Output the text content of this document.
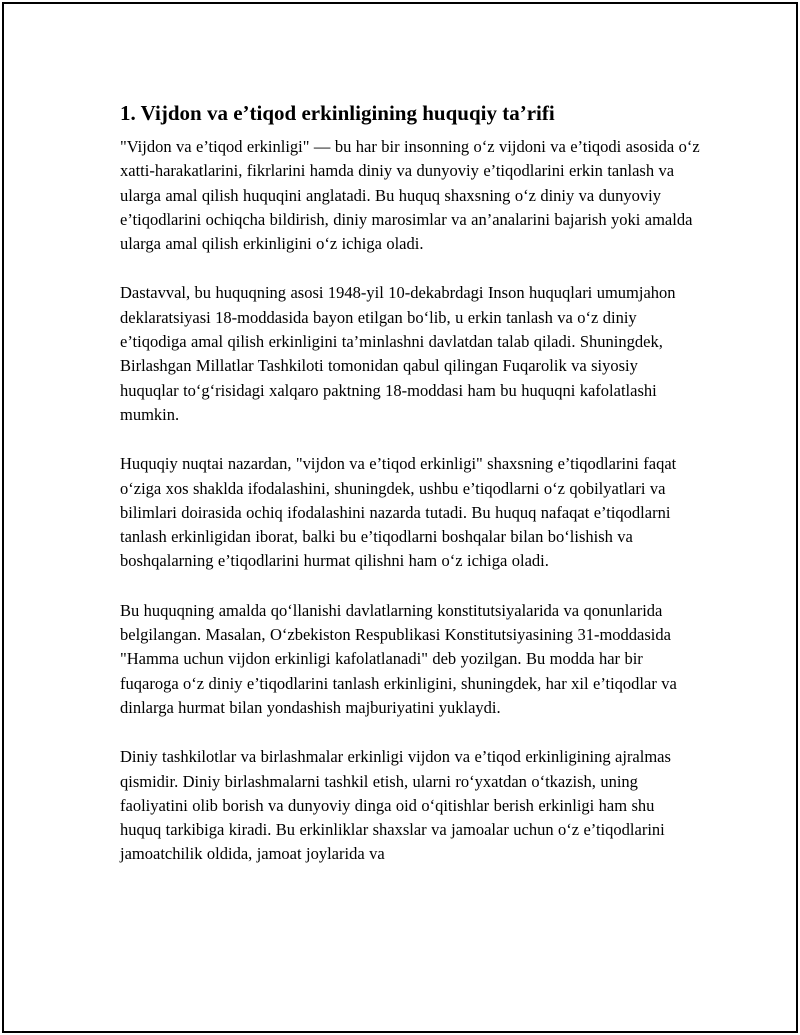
1. Vijdon va e’tiqod erkinligining huquqiy ta’rifi

"Vijdon va e’tiqod erkinligi" — bu har bir insonning o‘z vijdoni va e’tiqodi asosida o‘z xatti-harakatlarini, fikrlarini hamda diniy va dunyoviy e’tiqodlarini erkin tanlash va ularga amal qilish huquqini anglatadi. Bu huquq shaxsning o‘z diniy va dunyoviy e’tiqodlarini ochiqcha bildirish, diniy marosimlar va an’analarini bajarish yoki amalda ularga amal qilish erkinligini o‘z ichiga oladi.

Dastavval, bu huquqning asosi 1948-yil 10-dekabrdagi Inson huquqlari umumjahon deklaratsiyasi 18-moddasida bayon etilgan bo‘lib, u erkin tanlash va o‘z diniy e’tiqodiga amal qilish erkinligini ta’minlashni davlatdan talab qiladi. Shuningdek, Birlashgan Millatlar Tashkiloti tomonidan qabul qilingan Fuqarolik va siyosiy huquqlar to‘g‘risidagi xalqaro paktning 18-moddasi ham bu huquqni kafolatlashi mumkin.

Huquqiy nuqtai nazardan, "vijdon va e’tiqod erkinligi" shaxsning e’tiqodlarini faqat o‘ziga xos shaklda ifodalashini, shuningdek, ushbu e’tiqodlarni o‘z qobilyatlari va bilimlari doirasida ochiq ifodalashini nazarda tutadi. Bu huquq nafaqat e’tiqodlarni tanlash erkinligidan iborat, balki bu e’tiqodlarni boshqalar bilan bo‘lishish va boshqalarning e’tiqodlarini hurmat qilishni ham o‘z ichiga oladi.

Bu huquqning amalda qo‘llanishi davlatlarning konstitutsiyalarida va qonunlarida belgilangan. Masalan, O‘zbekiston Respublikasi Konstitutsiyasining 31-moddasida "Hamma uchun vijdon erkinligi kafolatlanadi" deb yozilgan. Bu modda har bir fuqaroga o‘z diniy e’tiqodlarini tanlash erkinligini, shuningdek, har xil e’tiqodlar va dinlarga hurmat bilan yondashish majburiyatini yuklaydi.

Diniy tashkilotlar va birlashmalar erkinligi vijdon va e’tiqod erkinligining ajralmas qismidir. Diniy birlashmalarni tashkil etish, ularni ro‘yxatdan o‘tkazish, uning faoliyatini olib borish va dunyoviy dinga oid o‘qitishlar berish erkinligi ham shu huquq tarkibiga kiradi. Bu erkinliklar shaxslar va jamoalar uchun o‘z e’tiqodlarini jamoatchilik oldida, jamoat joylarida va
